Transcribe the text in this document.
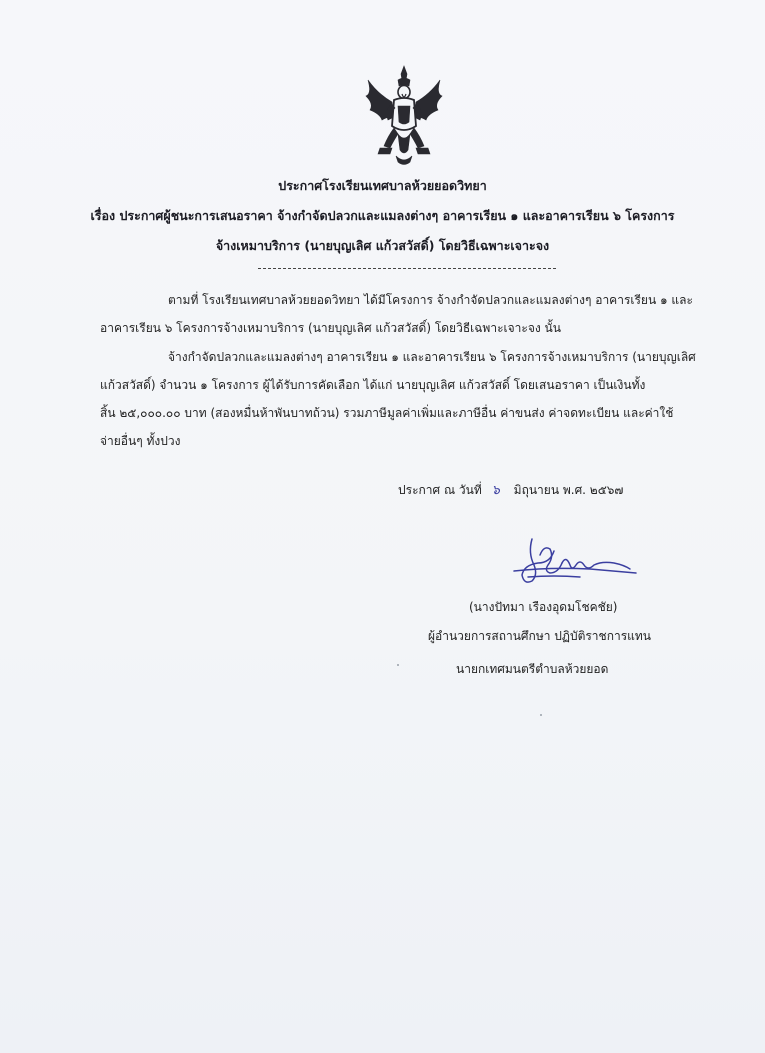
ประกาศโรงเรียนเทศบาลห้วยยอดวิทยา
เรื่อง ประกาศผู้ชนะการเสนอราคา จ้างกำจัดปลวกและแมลงต่างๆ อาคารเรียน ๑ และอาคารเรียน ๖ โครงการ
จ้างเหมาบริการ (นายบุญเลิศ แก้วสวัสดิ์) โดยวิธีเฉพาะเจาะจง
ตามที่ โรงเรียนเทศบาลห้วยยอดวิทยา ได้มีโครงการ จ้างกำจัดปลวกและแมลงต่างๆ อาคารเรียน ๑ และ
อาคารเรียน ๖ โครงการจ้างเหมาบริการ (นายบุญเลิศ แก้วสวัสดิ์) โดยวิธีเฉพาะเจาะจง นั้น
จ้างกำจัดปลวกและแมลงต่างๆ อาคารเรียน ๑ และอาคารเรียน ๖ โครงการจ้างเหมาบริการ (นายบุญเลิศ
แก้วสวัสดิ์) จำนวน ๑ โครงการ ผู้ได้รับการคัดเลือก ได้แก่ นายบุญเลิศ แก้วสวัสดิ์ โดยเสนอราคา เป็นเงินทั้ง
สิ้น ๒๕,๐๐๐.๐๐ บาท (สองหมื่นห้าพันบาทถ้วน) รวมภาษีมูลค่าเพิ่มและภาษีอื่น ค่าขนส่ง ค่าจดทะเบียน และค่าใช้
จ่ายอื่นๆ ทั้งปวง
ประกาศ ณ วันที่ ๖ มิถุนายน พ.ศ. ๒๕๖๗
(นางปัทมา เรืองอุดมโชคชัย)
ผู้อำนวยการสถานศึกษา ปฏิบัติราชการแทน
นายกเทศมนตรีตำบลห้วยยอด
